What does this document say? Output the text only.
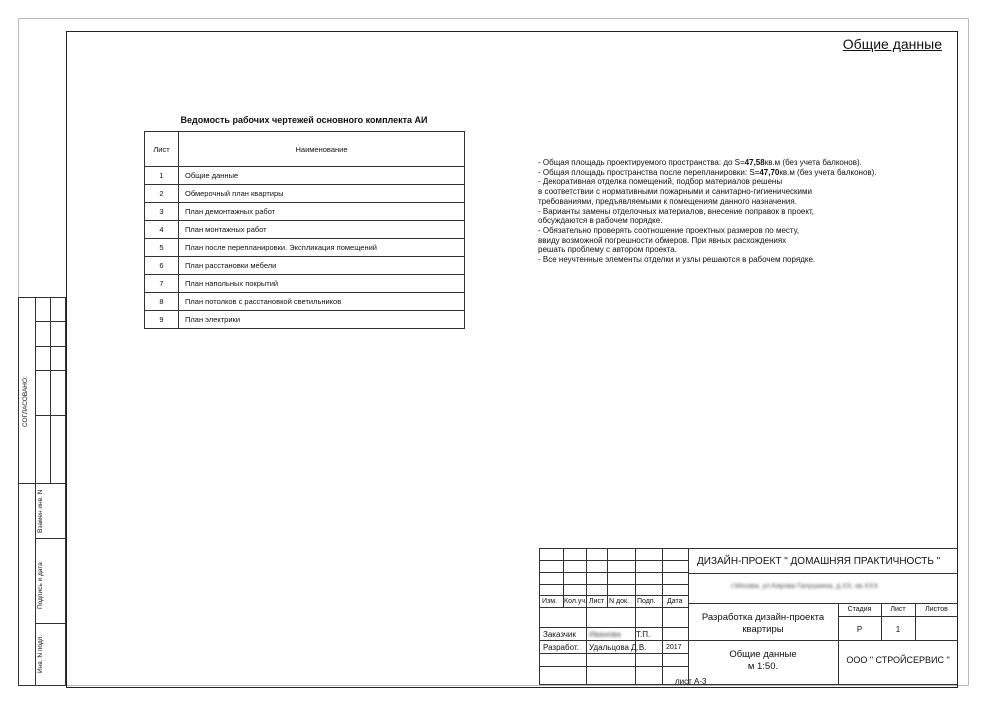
Общие данные
Ведомость рабочих чертежей основного комплекта АИ
Лист	Наименование
1	Общие данные
2	Обмерочный план квартиры
3	План демонтажных работ
4	План монтажных работ
5	План после перепланировки. Экспликация помещений
6	План расстановки мебели
7	План напольных покрытий
8	План потолков с расстановкой светильников
9	План электрики
- Общая площадь проектируемого пространства: до S=47,58кв.м (без учета балконов).
- Общая площадь пространства после перепланировки: S=47,70кв.м (без учета балконов).
- Декоративная отделка помещений, подбор материалов решены
в соответствии с нормативными пожарными и санитарно-гигиеническими
требованиями, предъявляемыми к помещениям данного назначения.
- Варианты замены отделочных материалов, внесение поправок в проект,
обсуждаются в рабочем порядке.
- Обязательно проверять соотношение проектных размеров по месту,
ввиду возможной погрешности обмеров. При явных расхождениях
решать проблему с автором проекта.
- Все неучтенные элементы отделки и узлы решаются в рабочем порядке.
СОГЛАСОВАНО:
Взамен инв. N
Подпись и дата
Инв. N подл.
Изм. Кол.уч. Лист N док. Подп. Дата
Заказчик Иванова Т.П.
Разработ. Удальцова Д.В.	2017
ДИЗАЙН-ПРОЕКТ " ДОМАШНЯЯ ПРАКТИЧНОСТЬ "
г.Москва, ул.Кирова Галушкина, д.XX, кв.XXX
Разработка дизайн-проекта
квартиры
Стадия	Лист	Листов
Р	1
Общие данные
м 1:50.
ООО " СТРОЙСЕРВИС "
лист А-3
